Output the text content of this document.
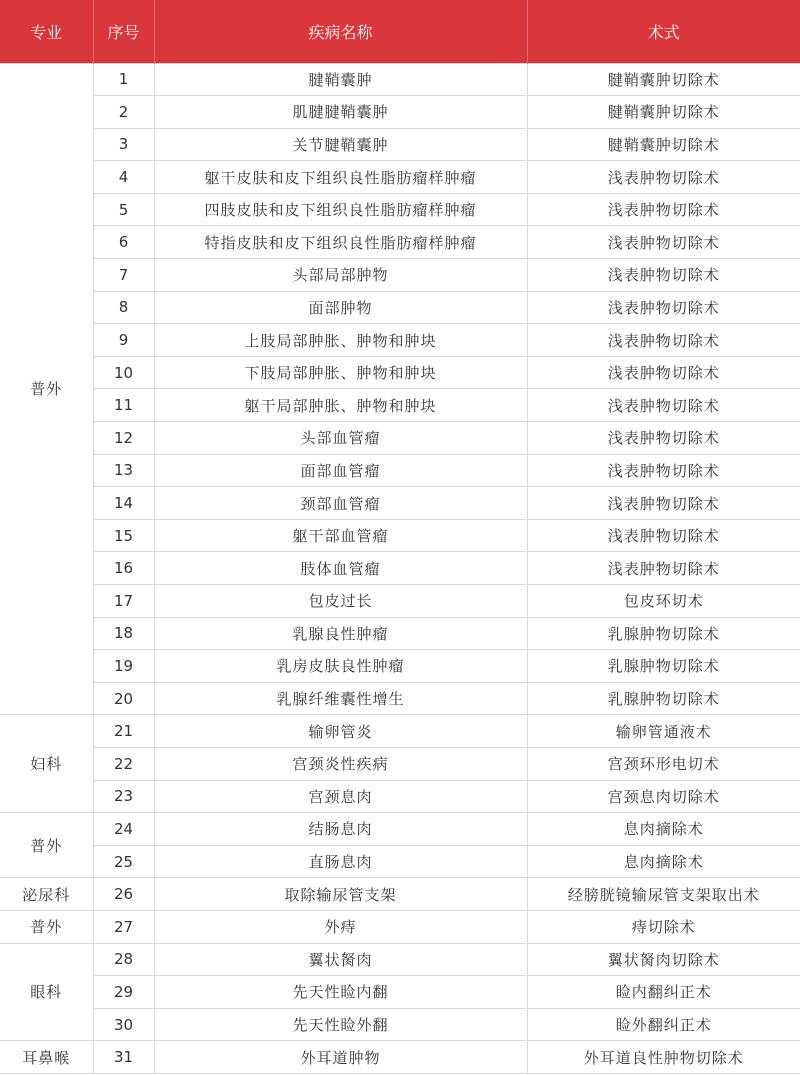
专业	序号	疾病名称	术式
普外	1	腱鞘囊肿	腱鞘囊肿切除术
	2	肌腱腱鞘囊肿	腱鞘囊肿切除术
	3	关节腱鞘囊肿	腱鞘囊肿切除术
	4	躯干皮肤和皮下组织良性脂肪瘤样肿瘤	浅表肿物切除术
	5	四肢皮肤和皮下组织良性脂肪瘤样肿瘤	浅表肿物切除术
	6	特指皮肤和皮下组织良性脂肪瘤样肿瘤	浅表肿物切除术
	7	头部局部肿物	浅表肿物切除术
	8	面部肿物	浅表肿物切除术
	9	上肢局部肿胀、肿物和肿块	浅表肿物切除术
	10	下肢局部肿胀、肿物和肿块	浅表肿物切除术
	11	躯干局部肿胀、肿物和肿块	浅表肿物切除术
	12	头部血管瘤	浅表肿物切除术
	13	面部血管瘤	浅表肿物切除术
	14	颈部血管瘤	浅表肿物切除术
	15	躯干部血管瘤	浅表肿物切除术
	16	肢体血管瘤	浅表肿物切除术
	17	包皮过长	包皮环切术
	18	乳腺良性肿瘤	乳腺肿物切除术
	19	乳房皮肤良性肿瘤	乳腺肿物切除术
	20	乳腺纤维囊性增生	乳腺肿物切除术
妇科	21	输卵管炎	输卵管通液术
	22	宫颈炎性疾病	宫颈环形电切术
	23	宫颈息肉	宫颈息肉切除术
普外	24	结肠息肉	息肉摘除术
	25	直肠息肉	息肉摘除术
泌尿科	26	取除输尿管支架	经膀胱镜输尿管支架取出术
普外	27	外痔	痔切除术
眼科	28	翼状胬肉	翼状胬肉切除术
	29	先天性睑内翻	睑内翻纠正术
	30	先天性睑外翻	睑外翻纠正术
耳鼻喉	31	外耳道肿物	外耳道良性肿物切除术
